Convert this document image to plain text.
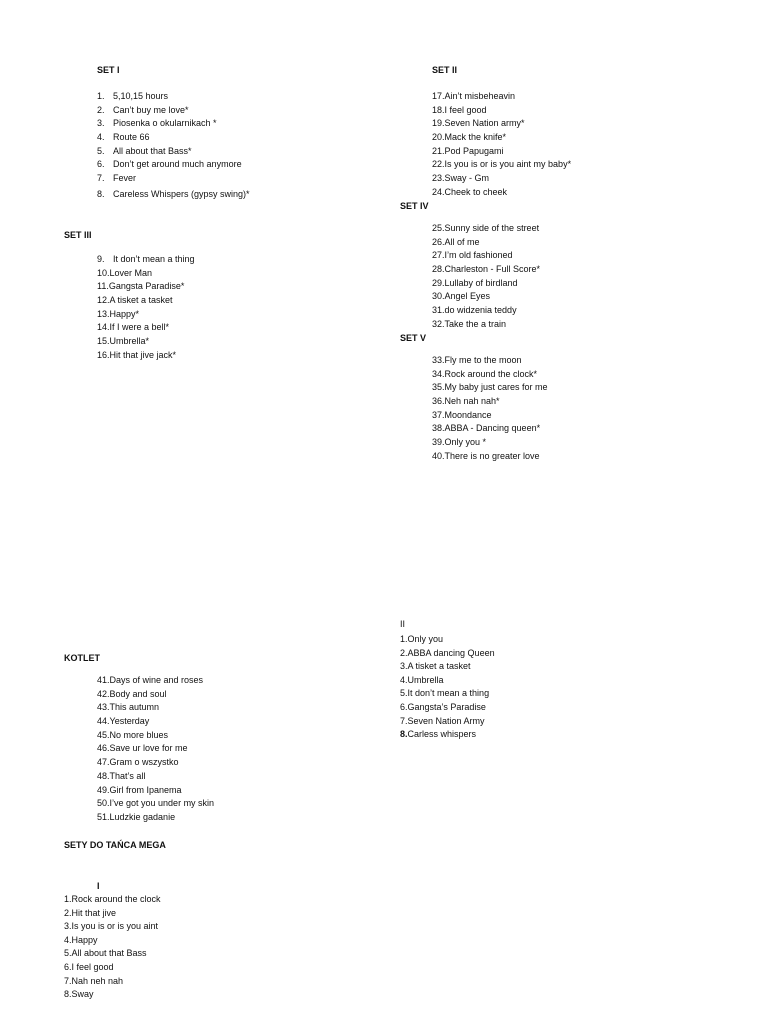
SET I
1. 5,10,15 hours
2. Can’t buy me love*
3. Piosenka o okularnikach *
4. Route 66
5. All about that Bass*
6. Don’t get around much anymore
7. Fever
8. Careless Whispers (gypsy swing)*
SET II
17.Ain’t misbeheavin
18.I feel good
19.Seven Nation army*
20.Mack the knife*
21.Pod Papugami
22.Is you is or is you aint my baby*
23.Sway - Gm
24.Cheek to cheek
SET IV
25.Sunny side of the street
26.All of me
27.I’m old fashioned
28.Charleston - Full Score*
29.Lullaby of birdland
30.Angel Eyes
31.do widzenia teddy
32.Take the a train
SET III
9. It don’t mean a thing
10.Lover Man
11.Gangsta Paradise*
12.A tisket a tasket
13.Happy*
14.If I were a bell*
15.Umbrella*
16.Hit that jive jack*
SET V
33.Fly me to the moon
34.Rock around the clock*
35.My baby just cares for me
36.Neh nah nah*
37.Moondance
38.ABBA - Dancing queen*
39.Only you *
40.There is no greater love
II
1.Only you
2.ABBA dancing Queen
3.A tisket a tasket
4.Umbrella
5.It don’t mean a thing
6.Gangsta’s Paradise
7.Seven Nation Army
8.Carless whispers
KOTLET
41.Days of wine and roses
42.Body and soul
43.This autumn
44.Yesterday
45.No more blues
46.Save ur love for me
47.Gram o wszystko
48.That’s all
49.Girl from Ipanema
50.I’ve got you under my skin
51.Ludzkie gadanie
SETY DO TAŃCA MEGA
I
1.Rock around the clock
2.Hit that jive
3.Is you is or is you aint
4.Happy
5.All about that Bass
6.I feel good
7.Nah neh nah
8.Sway
